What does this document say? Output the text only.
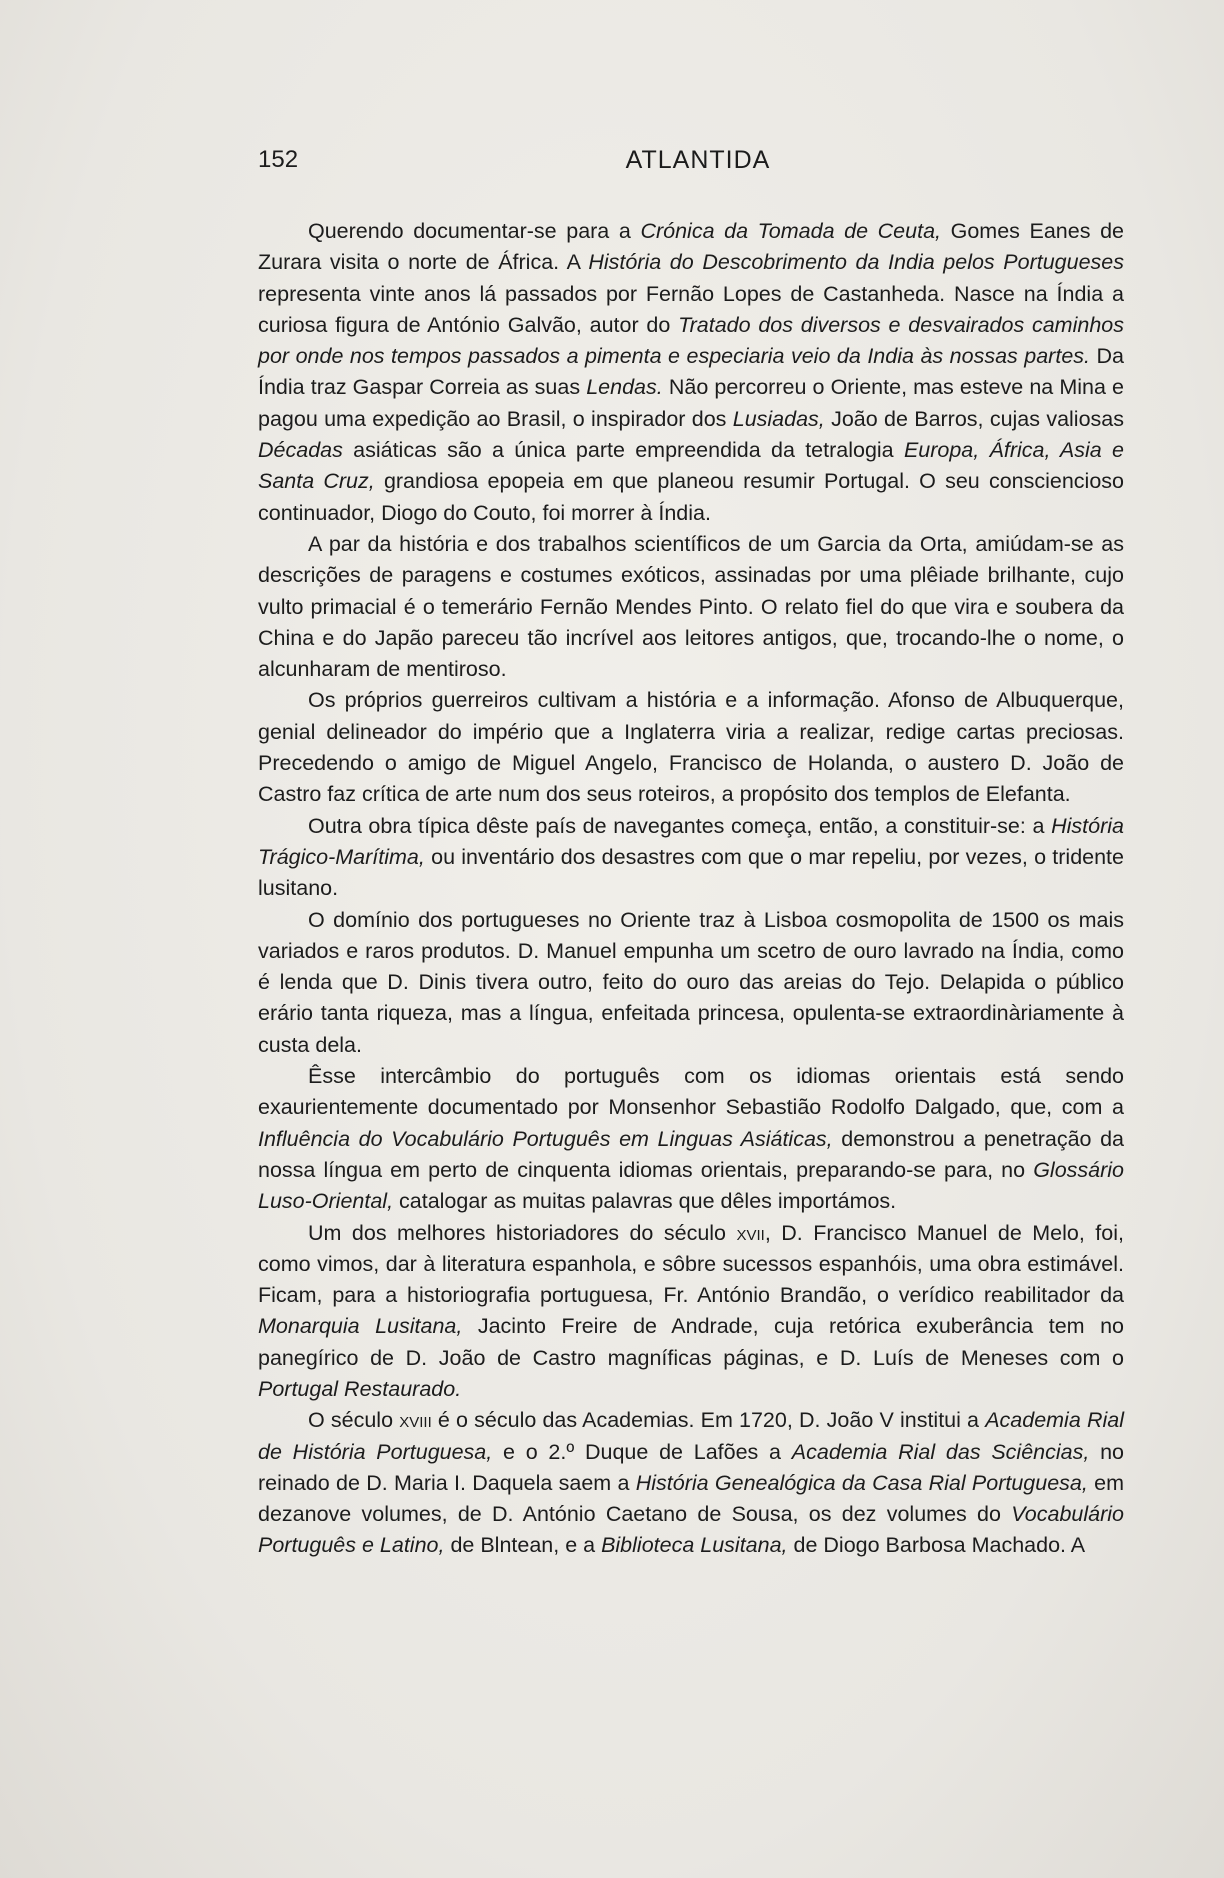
152	ATLANTIDA

Querendo documentar-se para a Crónica da Tomada de Ceuta, Gomes Eanes de Zurara visita o norte de África. A História do Descobrimento da India pelos Portugueses representa vinte anos lá passados por Fernão Lopes de Castanheda. Nasce na Índia a curiosa figura de António Galvão, autor do Tratado dos diversos e desvairados caminhos por onde nos tempos passados a pimenta e especiaria veio da India às nossas partes. Da Índia traz Gaspar Correia as suas Lendas. Não percorreu o Oriente, mas esteve na Mina e pagou uma expedição ao Brasil, o inspirador dos Lusiadas, João de Barros, cujas valiosas Décadas asiáticas são a única parte empreendida da tetralogia Europa, África, Asia e Santa Cruz, grandiosa epopeia em que planeou resumir Portugal. O seu consciencioso continuador, Diogo do Couto, foi morrer à Índia.

A par da história e dos trabalhos scientíficos de um Garcia da Orta, amiúdam-se as descrições de paragens e costumes exóticos, assinadas por uma plêiade brilhante, cujo vulto primacial é o temerário Fernão Mendes Pinto. O relato fiel do que vira e soubera da China e do Japão pareceu tão incrível aos leitores antigos, que, trocando-lhe o nome, o alcunharam de mentiroso.

Os próprios guerreiros cultivam a história e a informação. Afonso de Albuquerque, genial delineador do império que a Inglaterra viria a realizar, redige cartas preciosas. Precedendo o amigo de Miguel Angelo, Francisco de Holanda, o austero D. João de Castro faz crítica de arte num dos seus roteiros, a propósito dos templos de Elefanta.

Outra obra típica dêste país de navegantes começa, então, a constituir-se: a História Trágico-Marítima, ou inventário dos desastres com que o mar repeliu, por vezes, o tridente lusitano.

O domínio dos portugueses no Oriente traz à Lisboa cosmopolita de 1500 os mais variados e raros produtos. D. Manuel empunha um scetro de ouro lavrado na Índia, como é lenda que D. Dinis tivera outro, feito do ouro das areias do Tejo. Delapida o público erário tanta riqueza, mas a língua, enfeitada princesa, opulenta-se extraordinàriamente à custa dela.

Êsse intercâmbio do português com os idiomas orientais está sendo exaurientemente documentado por Monsenhor Sebastião Rodolfo Dalgado, que, com a Influência do Vocabulário Português em Linguas Asiáticas, demonstrou a penetração da nossa língua em perto de cinquenta idiomas orientais, preparando-se para, no Glossário Luso-Oriental, catalogar as muitas palavras que dêles importámos.

Um dos melhores historiadores do século xvii, D. Francisco Manuel de Melo, foi, como vimos, dar à literatura espanhola, e sôbre sucessos espanhóis, uma obra estimável. Ficam, para a historiografia portuguesa, Fr. António Brandão, o verídico reabilitador da Monarquia Lusitana, Jacinto Freire de Andrade, cuja retórica exuberância tem no panegírico de D. João de Castro magníficas páginas, e D. Luís de Meneses com o Portugal Restaurado.

O século xviii é o século das Academias. Em 1720, D. João V institui a Academia Rial de História Portuguesa, e o 2.º Duque de Lafões a Academia Rial das Sciências, no reinado de D. Maria I. Daquela saem a História Genealógica da Casa Rial Portuguesa, em dezanove volumes, de D. António Caetano de Sousa, os dez volumes do Vocabulário Português e Latino, de Blntean, e a Biblioteca Lusitana, de Diogo Barbosa Machado. A
